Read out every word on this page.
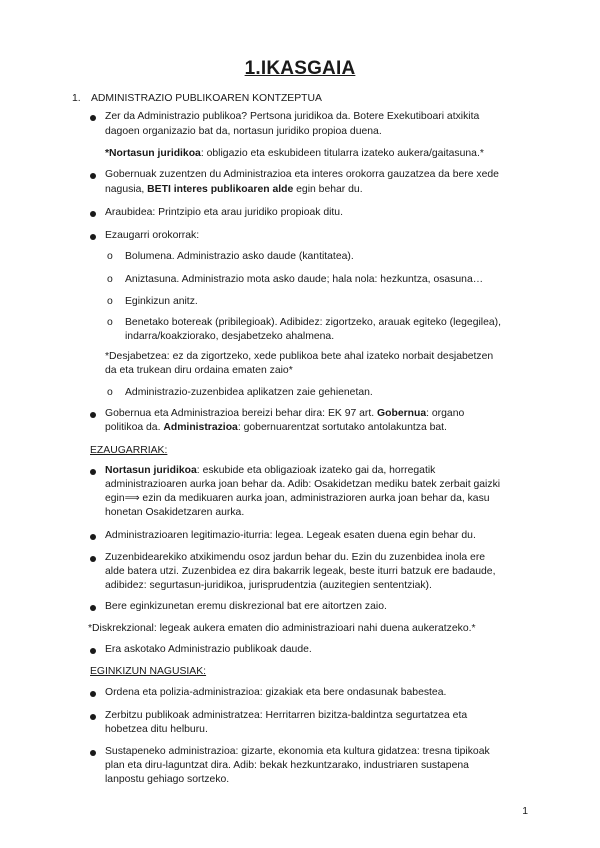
1.IKASGAIA
1. ADMINISTRAZIO PUBLIKOAREN KONTZEPTUA
Zer da Administrazio publikoa? Pertsona juridikoa da. Botere Exekutiboari atxikita
dagoen organizazio bat da, nortasun juridiko propioa duena.
*Nortasun juridikoa: obligazio eta eskubideen titularra izateko aukera/gaitasuna.*
Gobernuak zuzentzen du Administrazioa eta interes orokorra gauzatzea da bere xede
nagusia, BETI interes publikoaren alde egin behar du.
Araubidea: Printzipio eta arau juridiko propioak ditu.
Ezaugarri orokorrak:
o Bolumena. Administrazio asko daude (kantitatea).
o Aniztasuna. Administrazio mota asko daude; hala nola: hezkuntza, osasuna…
o Eginkizun anitz.
o Benetako botereak (pribilegioak). Adibidez: zigortzeko, arauak egiteko (legegilea),
indarra/koakziorako, desjabetzeko ahalmena.
*Desjabetzea: ez da zigortzeko, xede publikoa bete ahal izateko norbait desjabetzen
da eta trukean diru ordaina ematen zaio*
o Administrazio-zuzenbidea aplikatzen zaie gehienetan.
Gobernua eta Administrazioa bereizi behar dira: EK 97 art. Gobernua: organo
politikoa da. Administrazioa: gobernuarentzat sortutako antolakuntza bat.
EZAUGARRIAK:
Nortasun juridikoa: eskubide eta obligazioak izateko gai da, horregatik
administrazioaren aurka joan behar da. Adib: Osakidetzan mediku batek zerbait gaizki
egin⟹ ezin da medikuaren aurka joan, administrazioren aurka joan behar da, kasu
honetan Osakidetzaren aurka.
Administrazioaren legitimazio-iturria: legea. Legeak esaten duena egin behar du.
Zuzenbidearekiko atxikimendu osoz jardun behar du. Ezin du zuzenbidea inola ere
alde batera utzi. Zuzenbidea ez dira bakarrik legeak, beste iturri batzuk ere badaude,
adibidez: segurtasun-juridikoa, jurisprudentzia (auzitegien sententziak).
Bere eginkizunetan eremu diskrezional bat ere aitortzen zaio.
*Diskrekzional: legeak aukera ematen dio administrazioari nahi duena aukeratzeko.*
Era askotako Administrazio publikoak daude.
EGINKIZUN NAGUSIAK:
Ordena eta polizia-administrazioa: gizakiak eta bere ondasunak babestea.
Zerbitzu publikoak administratzea: Herritarren bizitza-baldintza segurtatzea eta
hobetzea ditu helburu.
Sustapeneko administrazioa: gizarte, ekonomia eta kultura gidatzea: tresna tipikoak
plan eta diru-laguntzat dira. Adib: bekak hezkuntzarako, industriaren sustapena
lanpostu gehiago sortzeko.
1
